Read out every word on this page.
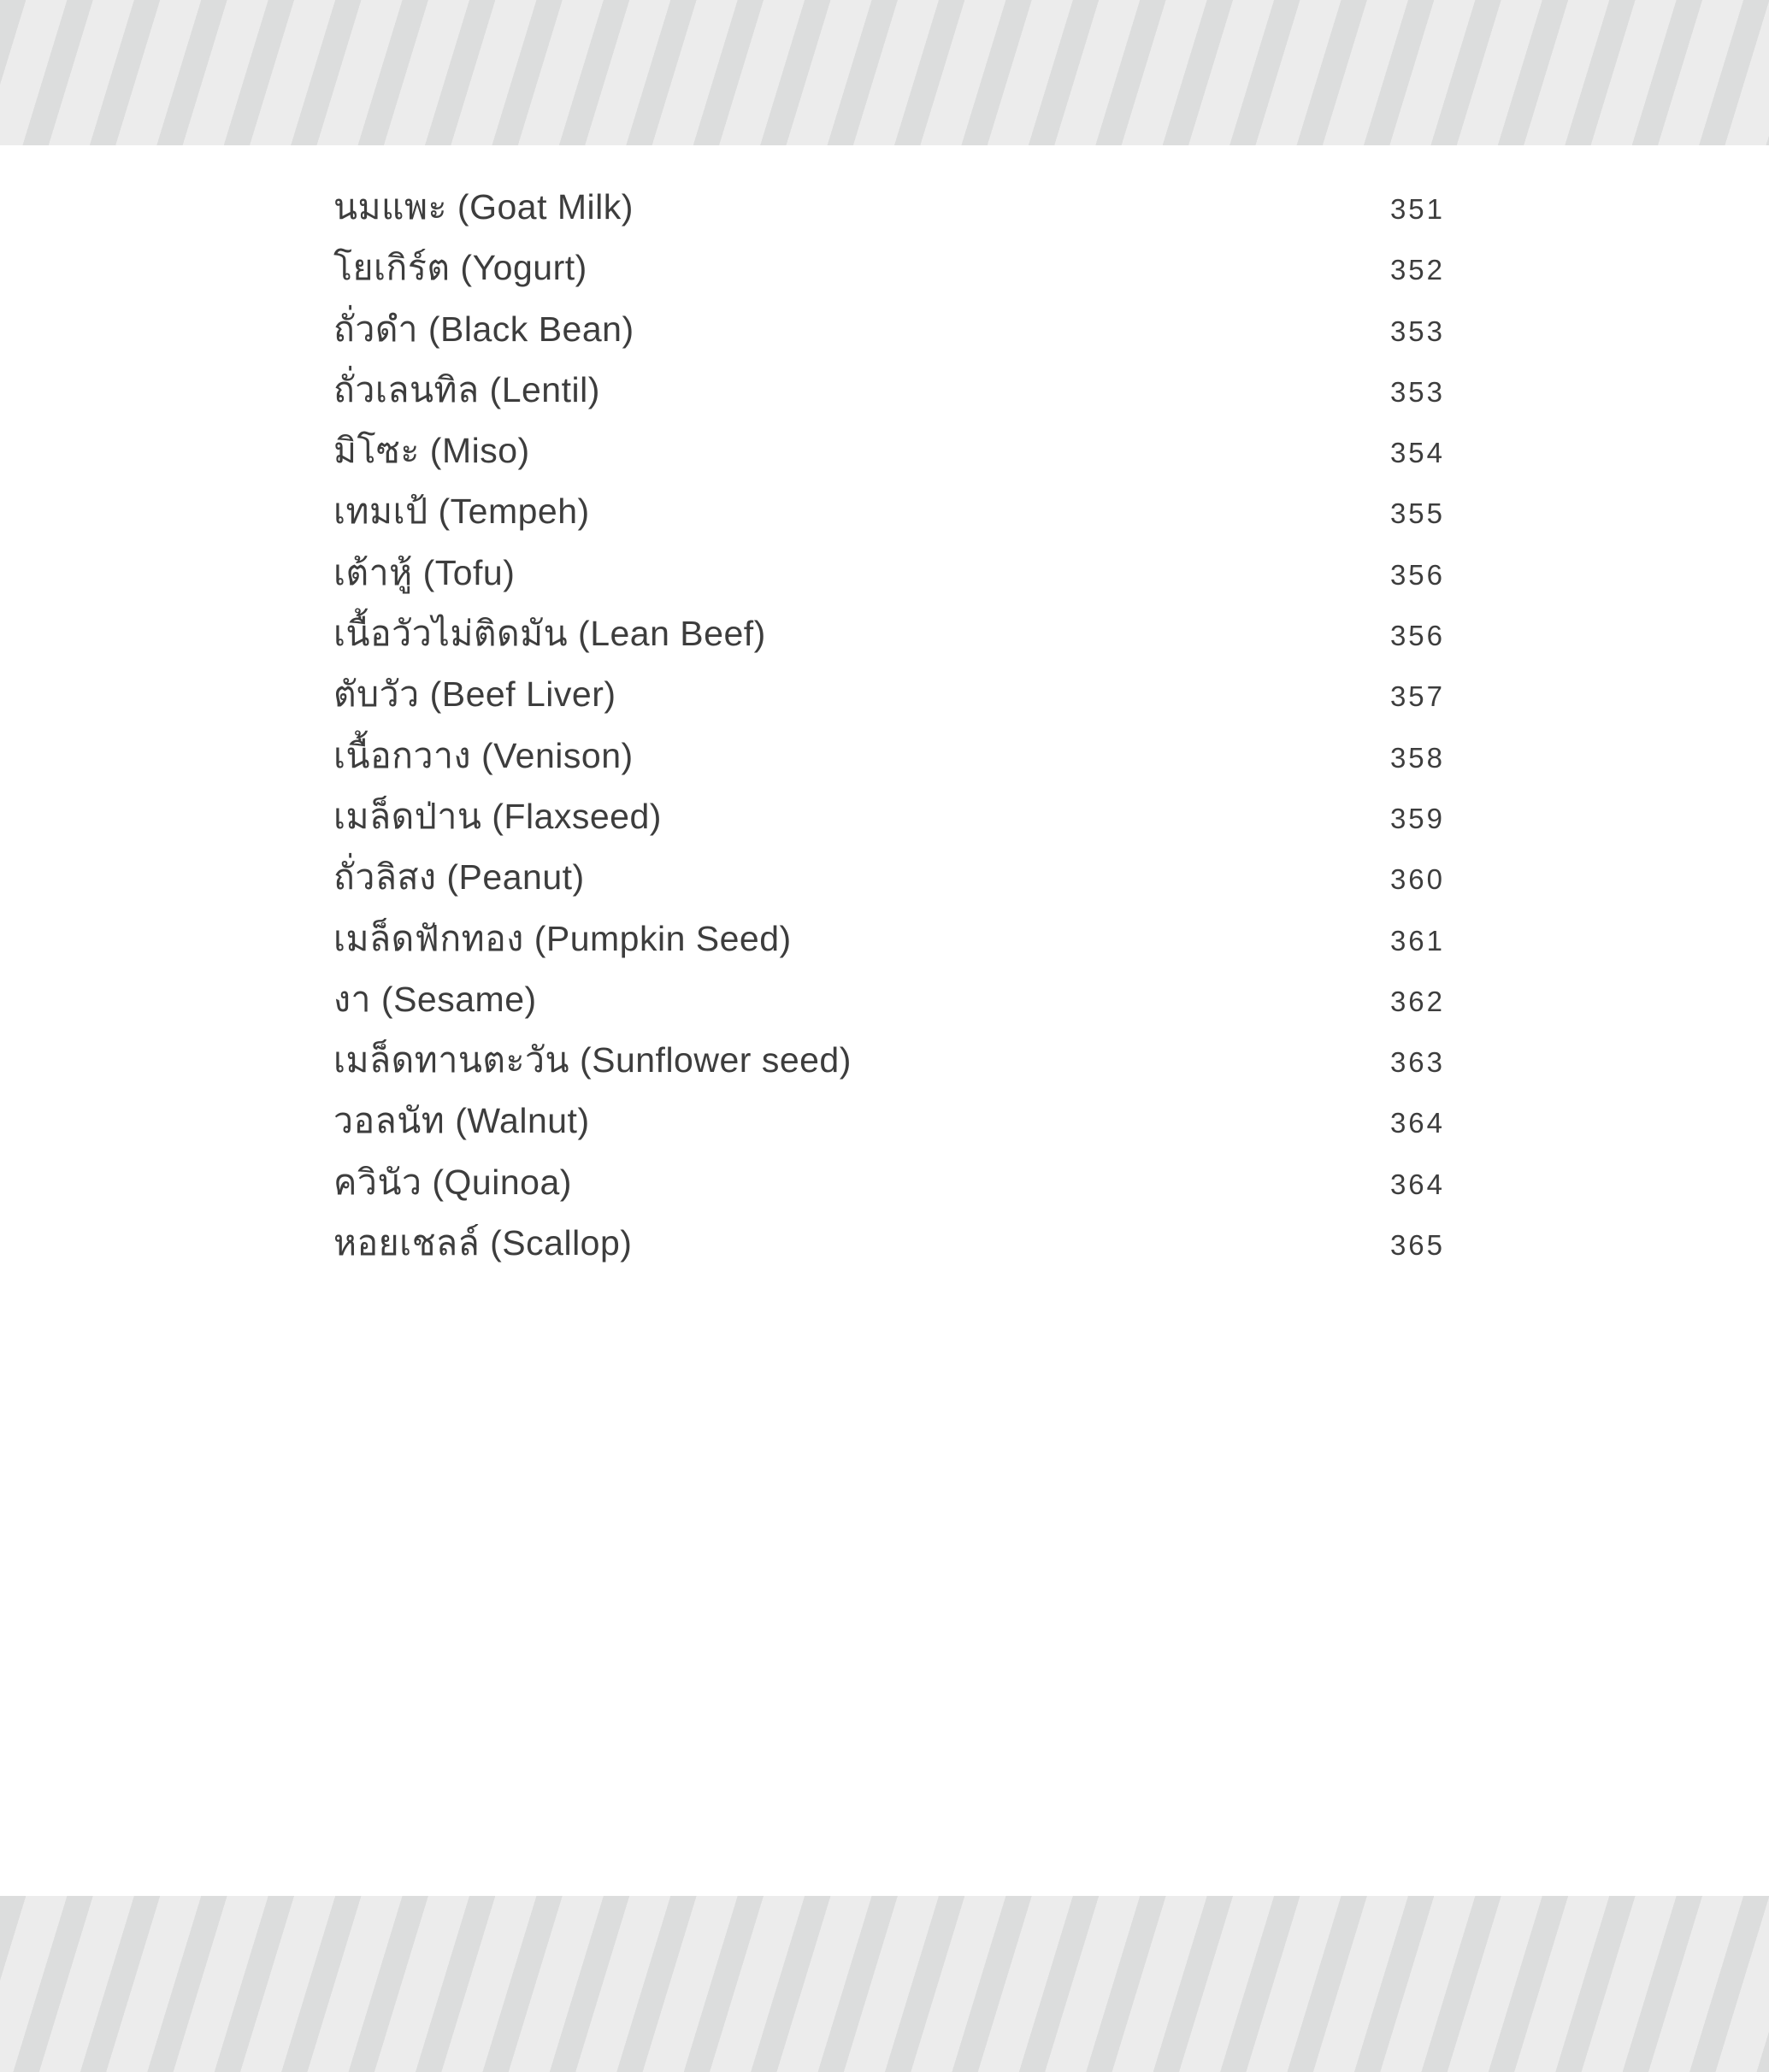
นมแพะ (Goat Milk)	351
โยเกิร์ต (Yogurt)	352
ถั่วดำ (Black Bean)	353
ถั่วเลนทิล (Lentil)	353
มิโซะ (Miso)	354
เทมเป้ (Tempeh)	355
เต้าหู้ (Tofu)	356
เนื้อวัวไม่ติดมัน (Lean Beef)	356
ตับวัว (Beef Liver)	357
เนื้อกวาง (Venison)	358
เมล็ดป่าน (Flaxseed)	359
ถั่วลิสง (Peanut)	360
เมล็ดฟักทอง (Pumpkin Seed)	361
งา (Sesame)	362
เมล็ดทานตะวัน (Sunflower seed)	363
วอลนัท (Walnut)	364
ควินัว (Quinoa)	364
หอยเชลล์ (Scallop)	365
